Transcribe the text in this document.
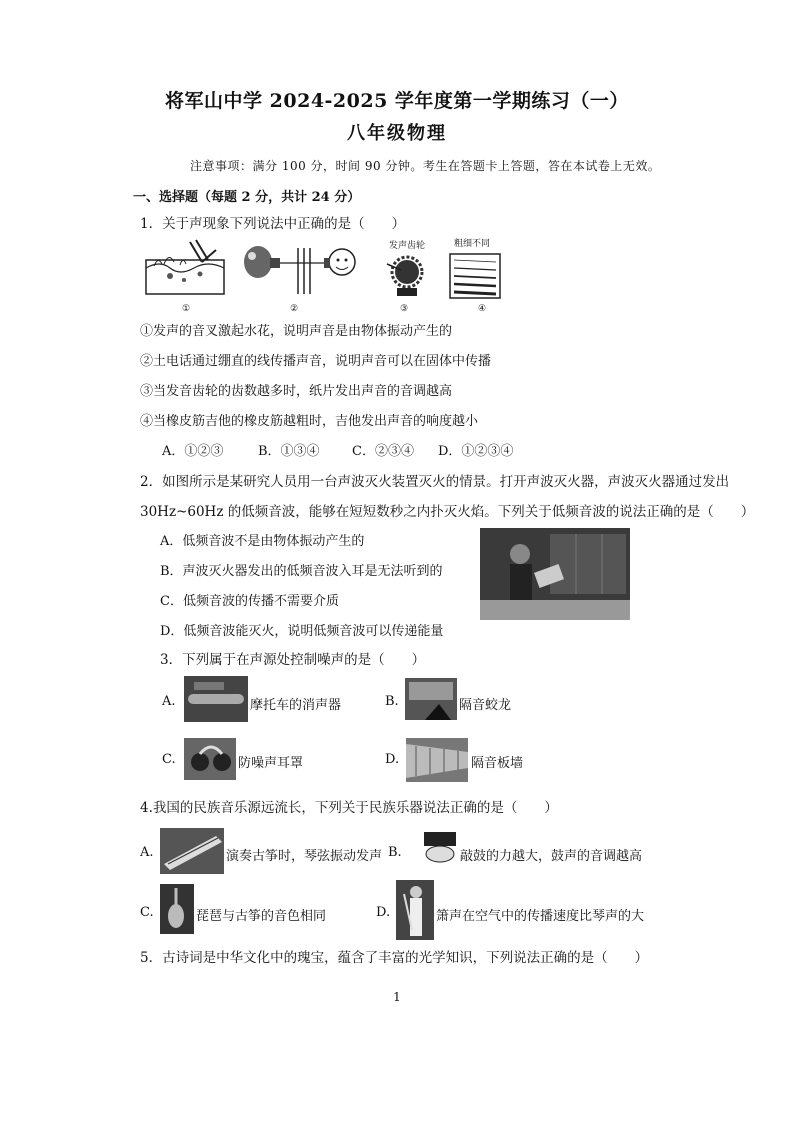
将军山中学 2024-2025 学年度第一学期练习（一）
八年级物理
注意事项：满分 100 分，时间 90 分钟。考生在答题卡上答题，答在本试卷上无效。
一、选择题（每题 2 分，共计 24 分）
1．关于声现象下列说法中正确的是（　　）
发声齿轮	粗细不同
①	②	③	④
①发声的音叉激起水花，说明声音是由物体振动产生的
②土电话通过绷直的线传播声音，说明声音可以在固体中传播
③当发音齿轮的齿数越多时，纸片发出声音的音调越高
④当橡皮筋吉他的橡皮筋越粗时，吉他发出声音的响度越小
A．①②③	B．①③④ C．②③④ D．①②③④
2．如图所示是某研究人员用一台声波灭火装置灭火的情景。打开声波灭火器，声波灭火器通过发出
30Hz~60Hz 的低频音波，能够在短短数秒之内扑灭火焰。下列关于低频音波的说法正确的是（　　）
A．低频音波不是由物体振动产生的
B．声波灭火器发出的低频音波入耳是无法听到的
C．低频音波的传播不需要介质
D．低频音波能灭火，说明低频音波可以传递能量
3．下列属于在声源处控制噪声的是（　　）
A.	摩托车的消声器	B.	隔音蛟龙
C.	防噪声耳罩	D.	隔音板墙
4.我国的民族音乐源远流长，下列关于民族乐器说法正确的是（　　）
A.	演奏古筝时，琴弦振动发声 B.	敲鼓的力越大，鼓声的音调越高
C.	琵琶与古筝的音色相同	D.	箫声在空气中的传播速度比琴声的大
5．古诗词是中华文化中的瑰宝，蕴含了丰富的光学知识，下列说法正确的是（　　）
1
